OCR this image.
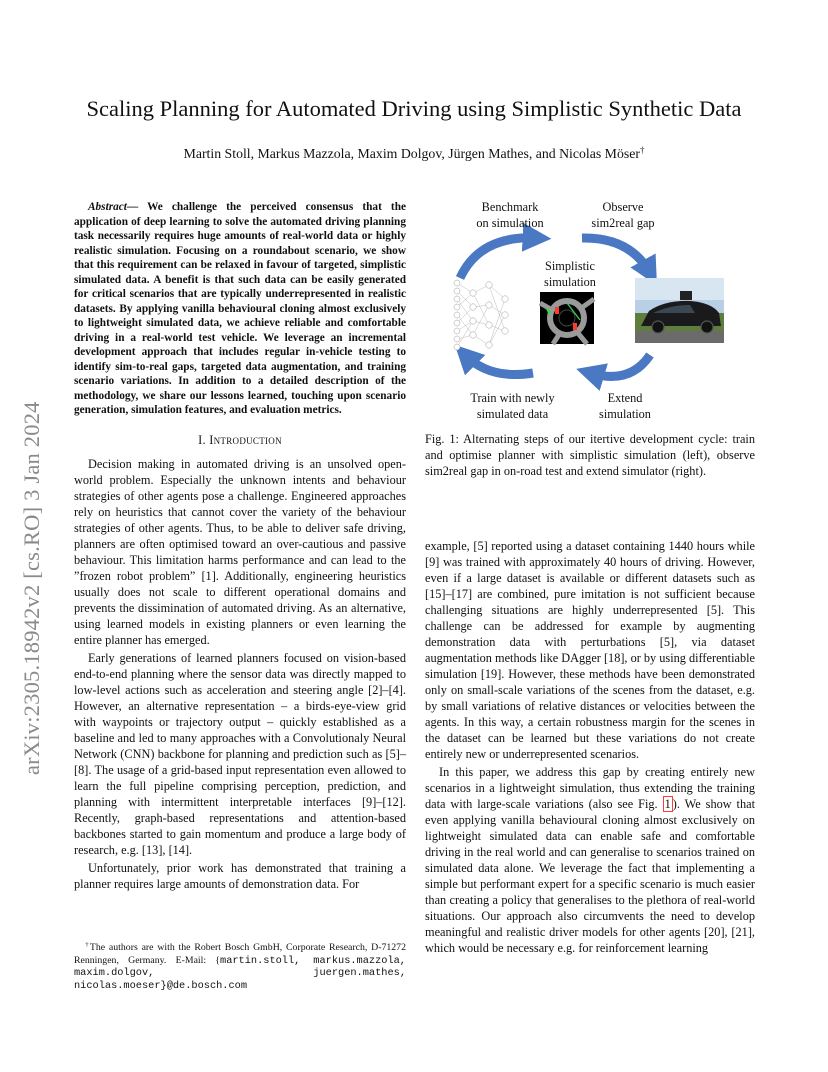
arXiv:2305.18942v2 [cs.RO] 3 Jan 2024
Scaling Planning for Automated Driving using Simplistic Synthetic Data
Martin Stoll, Markus Mazzola, Maxim Dolgov, Jürgen Mathes, and Nicolas Möser†

Abstract— We challenge the perceived consensus that the application of deep learning to solve the automated driving planning task necessarily requires huge amounts of real-world data or highly realistic simulation. Focusing on a roundabout scenario, we show that this requirement can be relaxed in favour of targeted, simplistic simulated data. A benefit is that such data can be easily generated for critical scenarios that are typically underrepresented in realistic datasets. By applying vanilla behavioural cloning almost exclusively to lightweight simulated data, we achieve reliable and comfortable driving in a real-world test vehicle. We leverage an incremental development approach that includes regular in-vehicle testing to identify sim-to-real gaps, targeted data augmentation, and training scenario variations. In addition to a detailed description of the methodology, we share our lessons learned, touching upon scenario generation, simulation features, and evaluation metrics.

I. Introduction

Decision making in automated driving is an unsolved open-world problem. Especially the unknown intents and behaviour strategies of other agents pose a challenge. Engineered approaches rely on heuristics that cannot cover the variety of the behaviour strategies of other agents. Thus, to be able to deliver safe driving, planners are often optimised toward an over-cautious and passive behaviour. This limitation harms performance and can lead to the ”frozen robot problem” [1]. Additionally, engineering heuristics usually does not scale to different operational domains and prevents the dissimination of automated driving. As an alternative, using learned models in existing planners or even learning the entire planner has emerged.

Early generations of learned planners focused on vision-based end-to-end planning where the sensor data was directly mapped to low-level actions such as acceleration and steering angle [2]–[4]. However, an alternative representation – a birds-eye-view grid with waypoints or trajectory output – quickly established as a baseline and led to many approaches with a Convolutionaly Neural Network (CNN) backbone for planning and prediction such as [5]–[8]. The usage of a grid-based input representation even allowed to learn the full pipeline comprising perception, prediction, and planning with intermittent interpretable interfaces [9]–[12]. Recently, graph-based representations and attention-based backbones started to gain momentum and produce a large body of research, e.g. [13], [14].

Unfortunately, prior work has demonstrated that training a planner requires large amounts of demonstration data. For

†The authors are with the Robert Bosch GmbH, Corporate Research, D-71272 Renningen, Germany. E-Mail: {martin.stoll, markus.mazzola, maxim.dolgov, juergen.mathes, nicolas.moeser}@de.bosch.com
Benchmark
on simulation
Observe
sim2real gap
Simplistic
simulation
Train with newly
simulated data
Extend
simulation
Fig. 1: Alternating steps of our itertive development cycle: train and optimise planner with simplistic simulation (left), observe sim2real gap in on-road test and extend simulator (right).

example, [5] reported using a dataset containing 1440 hours while [9] was trained with approximately 40 hours of driving. However, even if a large dataset is available or different datasets such as [15]–[17] are combined, pure imitation is not sufficient because challenging situations are highly underrepresented [5]. This challenge can be addressed for example by augmenting demonstration data with perturbations [5], via dataset augmentation methods like DAgger [18], or by using differentiable simulation [19]. However, these methods have been demonstrated only on small-scale variations of the scenes from the dataset, e.g. by small variations of relative distances or velocities between the agents. In this way, a certain robustness margin for the scenes in the dataset can be learned but these variations do not create entirely new or underrepresented scenarios.

In this paper, we address this gap by creating entirely new scenarios in a lightweight simulation, thus extending the training data with large-scale variations (also see Fig. 1 ). We show that even applying vanilla behavioural cloning almost exclusively on lightweight simulated data can enable safe and comfortable driving in the real world and can generalise to scenarios trained on simulated data alone. We leverage the fact that implementing a simple but performant expert for a specific scenario is much easier than creating a policy that generalises to the plethora of real-world situations. Our approach also circumvents the need to develop meaningful and realistic driver models for other agents [20], [21], which would be necessary e.g. for reinforcement learning
